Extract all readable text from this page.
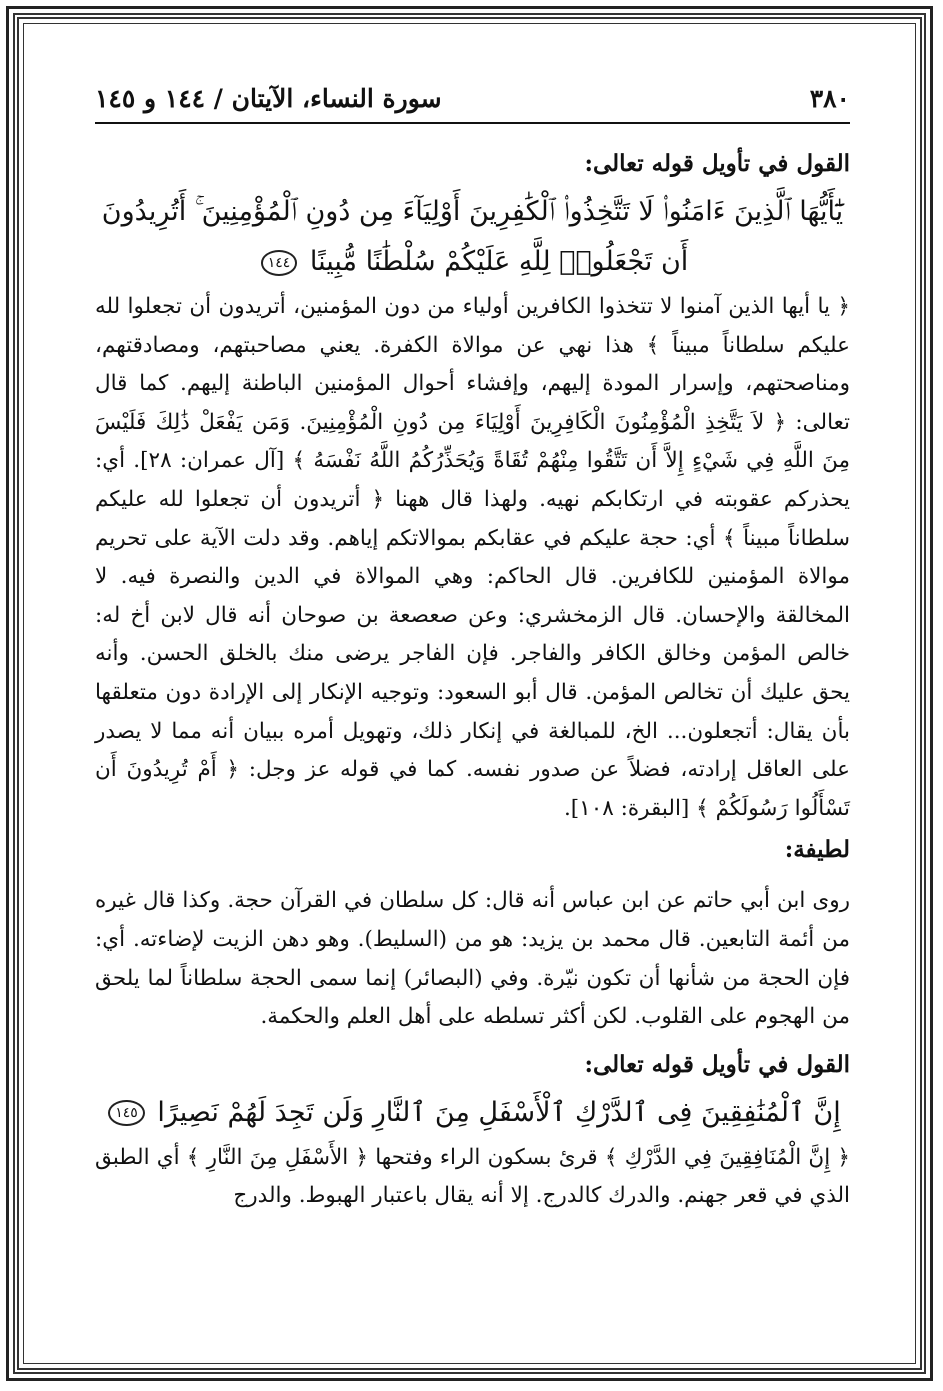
٣٨٠
سورة النساء، الآيتان / ١٤٤ و ١٤٥

القول في تأويل قوله تعالى:

يَٰٓأَيُّهَا ٱلَّذِينَ ءَامَنُوا۟ لَا تَتَّخِذُوا۟ ٱلْكَٰفِرِينَ أَوْلِيَآءَ مِن دُونِ ٱلْمُؤْمِنِينَ ۚ أَتُرِيدُونَ
أَن تَجْعَلُوا۟ لِلَّهِ عَلَيْكُمْ سُلْطَٰنًا مُّبِينًا ١٤٤

﴿ يا أيها الذين آمنوا لا تتخذوا الكافرين أولياء من دون المؤمنين، أتريدون أن تجعلوا لله عليكم سلطاناً مبيناً ﴾ هذا نهي عن موالاة الكفرة. يعني مصاحبتهم، ومصادقتهم، ومناصحتهم، وإسرار المودة إليهم، وإفشاء أحوال المؤمنين الباطنة إليهم. كما قال تعالى: ﴿ لاَ يَتَّخِذِ الْمُؤْمِنُونَ الْكَافِرِينَ أَوْلِيَاءَ مِن دُونِ الْمُؤْمِنِينَ. وَمَن يَفْعَلْ ذَٰلِكَ فَلَيْسَ مِنَ اللَّهِ فِي شَيْءٍ إِلاَّ أَن تَتَّقُوا مِنْهُمْ تُقَاةً وَيُحَذِّرُكُمُ اللَّهُ نَفْسَهُ ﴾ [آل عمران: ٢٨]. أي: يحذركم عقوبته في ارتكابكم نهيه. ولهذا قال ههنا ﴿ أتريدون أن تجعلوا لله عليكم سلطاناً مبيناً ﴾ أي: حجة عليكم في عقابكم بموالاتكم إياهم. وقد دلت الآية على تحريم موالاة المؤمنين للكافرين. قال الحاكم: وهي الموالاة في الدين والنصرة فيه. لا المخالقة والإحسان. قال الزمخشري: وعن صعصعة بن صوحان أنه قال لابن أخ له: خالص المؤمن وخالق الكافر والفاجر. فإن الفاجر يرضى منك بالخلق الحسن. وأنه يحق عليك أن تخالص المؤمن. قال أبو السعود: وتوجيه الإنكار إلى الإرادة دون متعلقها بأن يقال: أتجعلون... الخ، للمبالغة في إنكار ذلك، وتهويل أمره ببيان أنه مما لا يصدر على العاقل إرادته، فضلاً عن صدور نفسه. كما في قوله عز وجل: ﴿ أَمْ تُرِيدُونَ أَن تَسْأَلُوا رَسُولَكُمْ ﴾ [البقرة: ١٠٨].

لطيفة:

روى ابن أبي حاتم عن ابن عباس أنه قال: كل سلطان في القرآن حجة. وكذا قال غيره من أئمة التابعين. قال محمد بن يزيد: هو من (السليط). وهو دهن الزيت لإضاءته. أي: فإن الحجة من شأنها أن تكون نيّرة. وفي (البصائر) إنما سمى الحجة سلطاناً لما يلحق من الهجوم على القلوب. لكن أكثر تسلطه على أهل العلم والحكمة.

القول في تأويل قوله تعالى:

إِنَّ ٱلْمُنَٰفِقِينَ فِى ٱلدَّرْكِ ٱلْأَسْفَلِ مِنَ ٱلنَّارِ وَلَن تَجِدَ لَهُمْ نَصِيرًا ١٤٥

﴿ إِنَّ الْمُنَافِقِينَ فِي الدَّرْكِ ﴾ قرئ بسكون الراء وفتحها ﴿ الأَسْفَلِ مِنَ النَّارِ ﴾ أي الطبق الذي في قعر جهنم. والدرك كالدرج. إلا أنه يقال باعتبار الهبوط. والدرج
